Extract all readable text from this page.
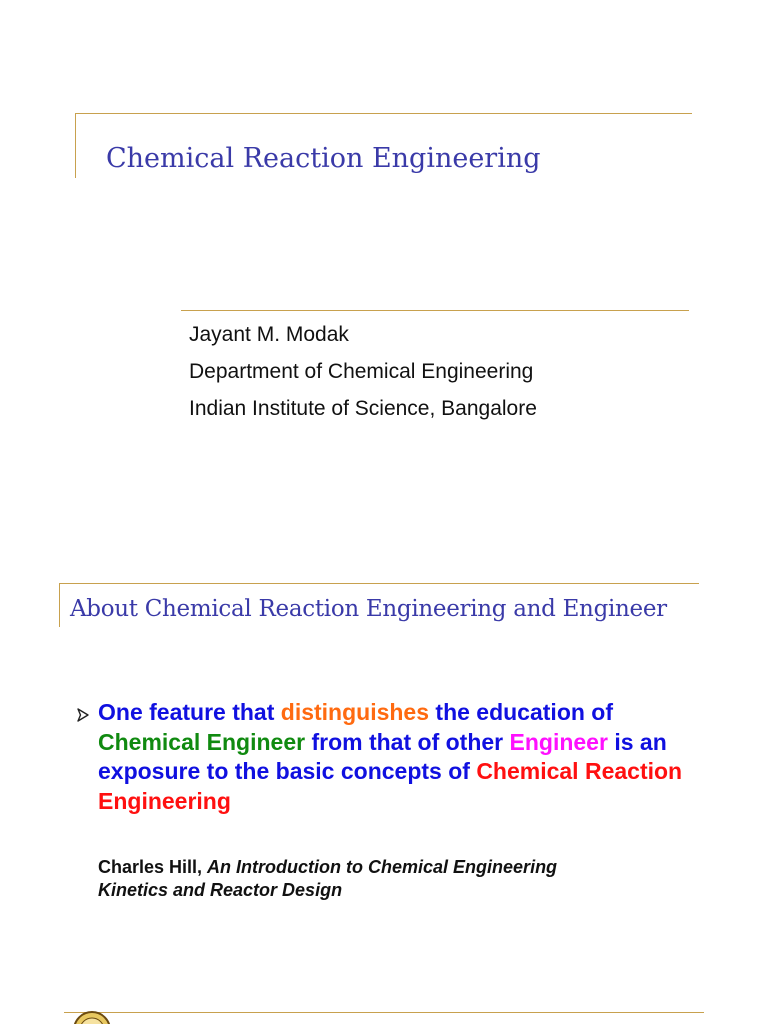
Chemical Reaction Engineering
Jayant M. Modak
Department of Chemical Engineering
Indian Institute of Science, Bangalore
About Chemical Reaction Engineering and Engineer
One feature that distinguishes the education of Chemical Engineer from that of other Engineer is an exposure to the basic concepts of Chemical Reaction Engineering
Charles Hill, An Introduction to Chemical Engineering
Kinetics and Reactor Design
